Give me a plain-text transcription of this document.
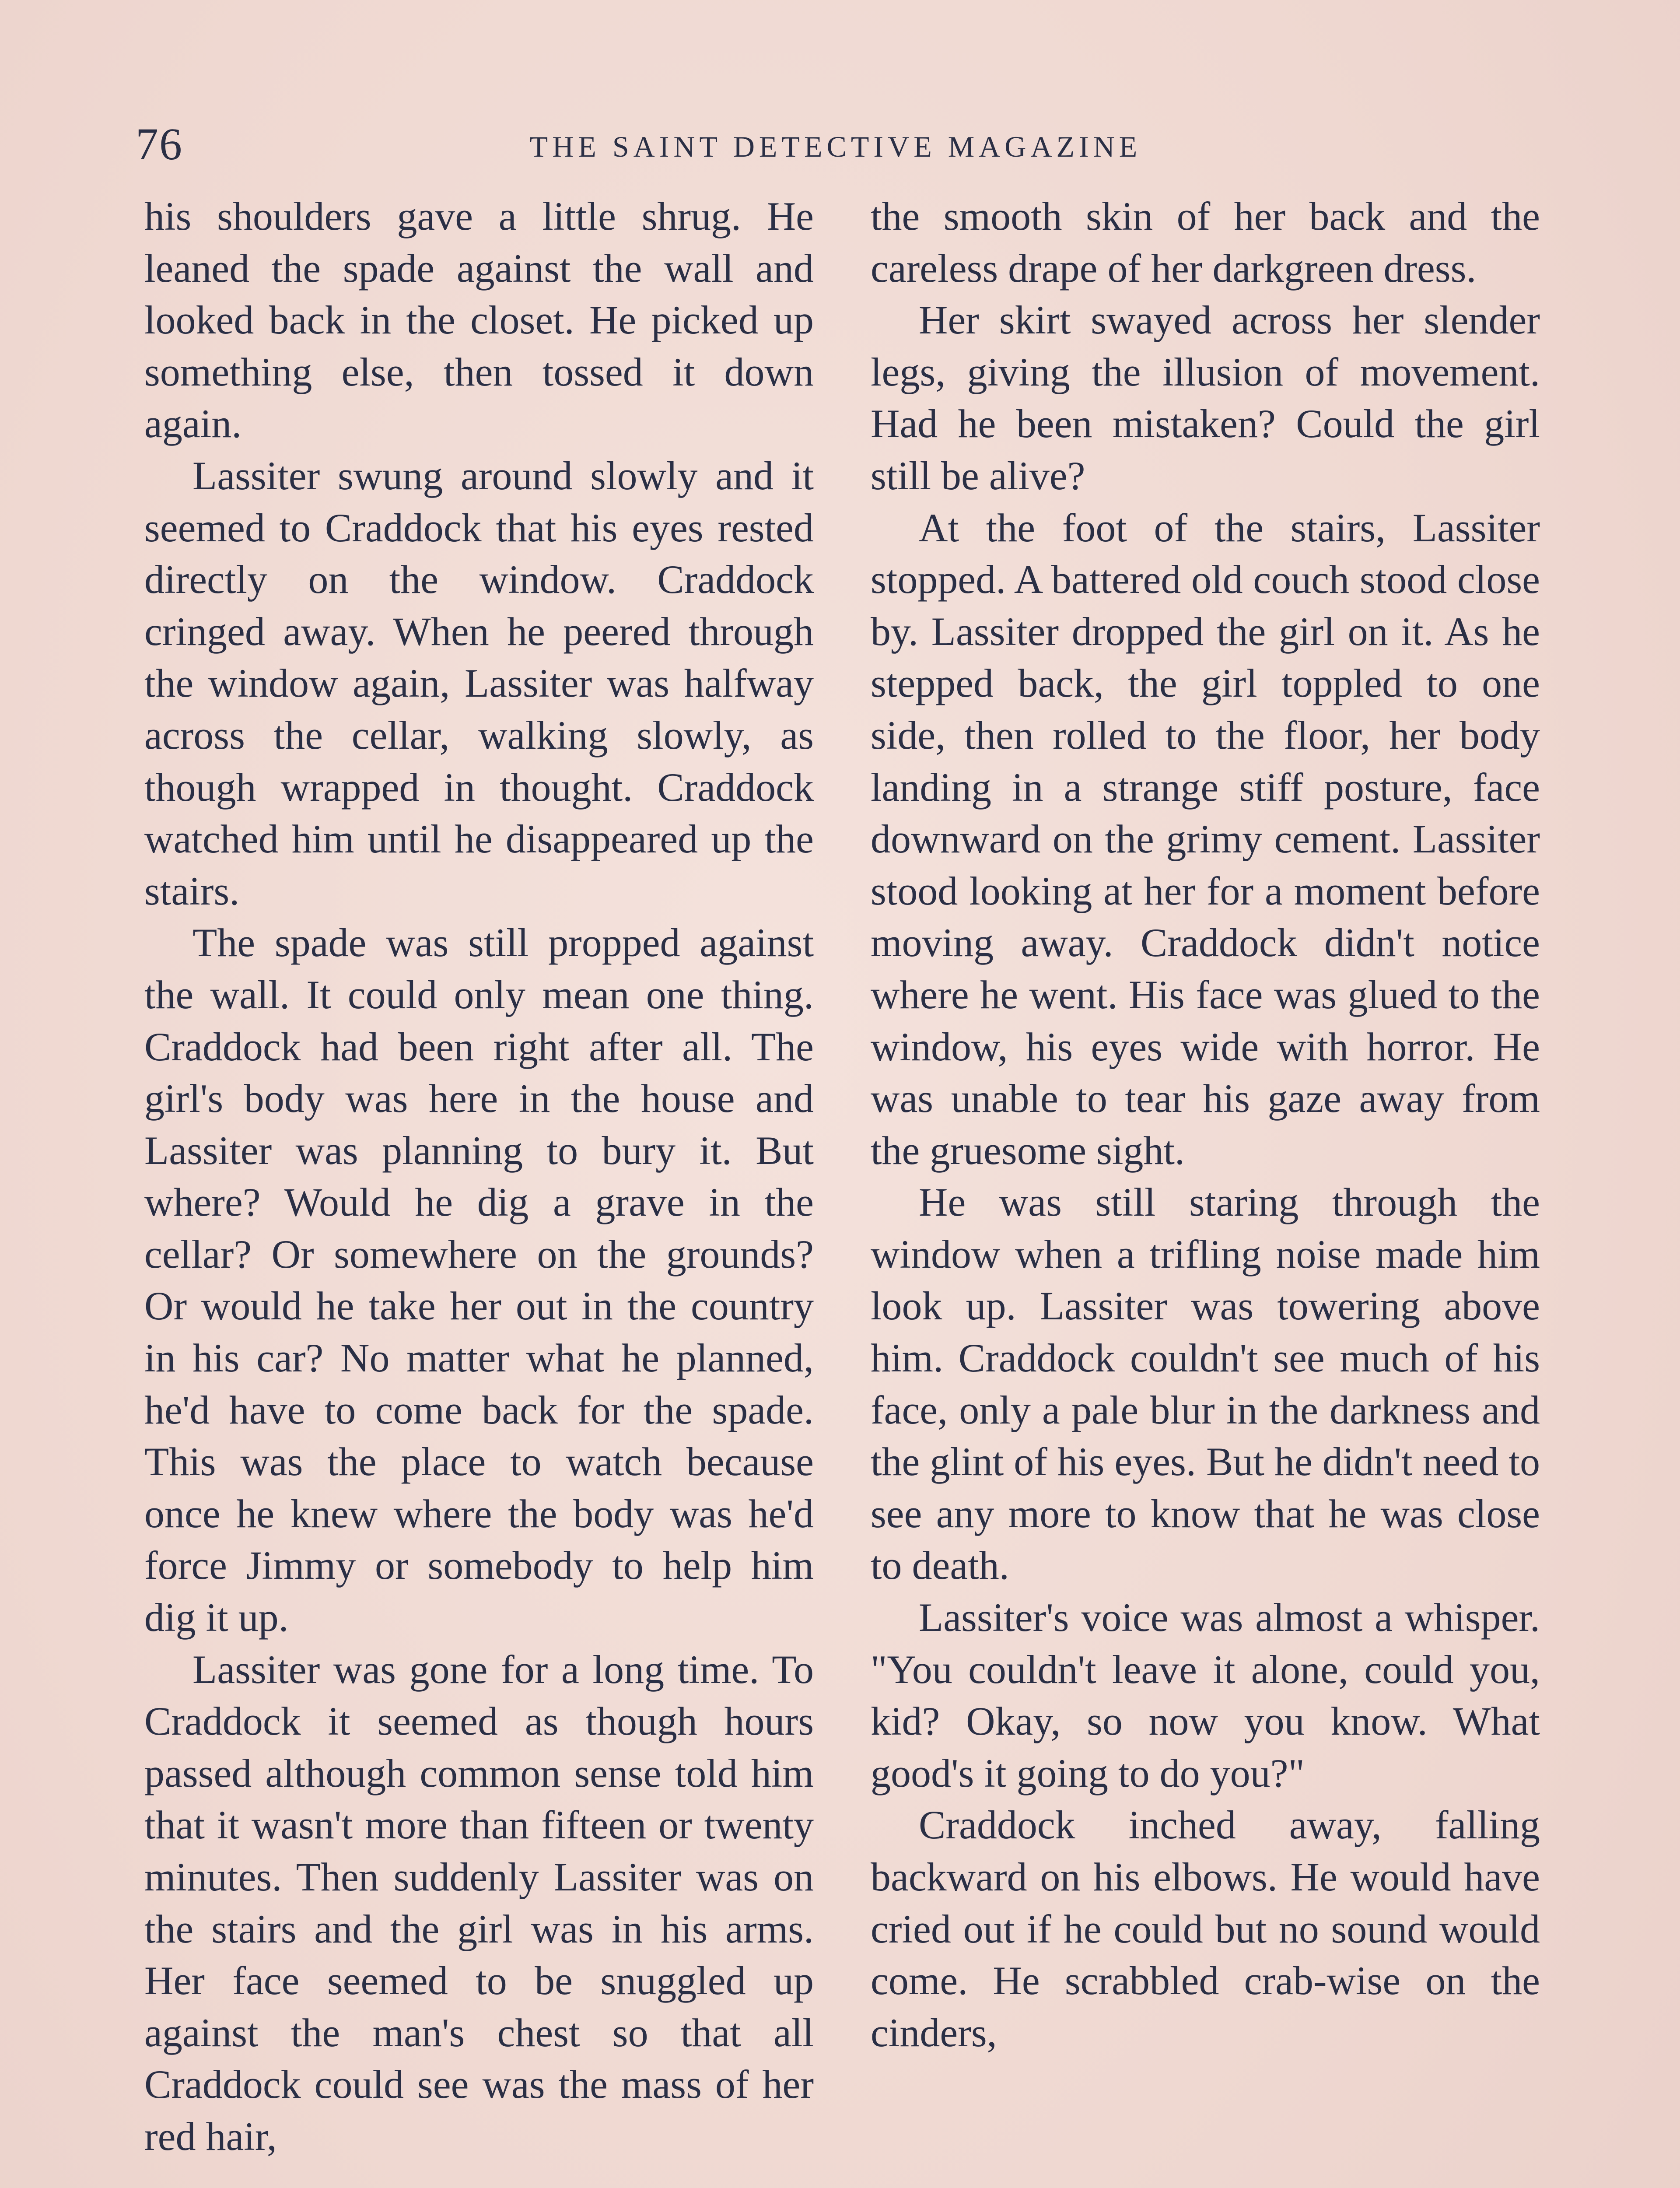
76	THE SAINT DETECTIVE MAGAZINE

his shoulders gave a little shrug. He leaned the spade against the wall and looked back in the closet. He picked up something else, then tossed it down again.

Lassiter swung around slowly and it seemed to Craddock that his eyes rested directly on the window. Craddock cringed away. When he peered through the window again, Lassiter was halfway across the cellar, walking slowly, as though wrapped in thought. Craddock watched him until he disappeared up the stairs.

The spade was still propped against the wall. It could only mean one thing. Craddock had been right after all. The girl's body was here in the house and Lassiter was planning to bury it. But where? Would he dig a grave in the cellar? Or somewhere on the grounds? Or would he take her out in the country in his car? No matter what he planned, he'd have to come back for the spade. This was the place to watch because once he knew where the body was he'd force Jimmy or somebody to help him dig it up.

Lassiter was gone for a long time. To Craddock it seemed as though hours passed although common sense told him that it wasn't more than fifteen or twenty minutes. Then suddenly Lassiter was on the stairs and the girl was in his arms. Her face seemed to be snuggled up against the man's chest so that all Craddock could see was the mass of her red hair,

the smooth skin of her back and the careless drape of her darkgreen dress.

Her skirt swayed across her slender legs, giving the illusion of movement. Had he been mistaken? Could the girl still be alive?

At the foot of the stairs, Lassiter stopped. A battered old couch stood close by. Lassiter dropped the girl on it. As he stepped back, the girl toppled to one side, then rolled to the floor, her body landing in a strange stiff posture, face downward on the grimy cement. Lassiter stood looking at her for a moment before moving away. Craddock didn't notice where he went. His face was glued to the window, his eyes wide with horror. He was unable to tear his gaze away from the gruesome sight.

He was still staring through the window when a trifling noise made him look up. Lassiter was towering above him. Craddock couldn't see much of his face, only a pale blur in the darkness and the glint of his eyes. But he didn't need to see any more to know that he was close to death.

Lassiter's voice was almost a whisper. "You couldn't leave it alone, could you, kid? Okay, so now you know. What good's it going to do you?"

Craddock inched away, falling backward on his elbows. He would have cried out if he could but no sound would come. He scrabbled crab-wise on the cinders,
